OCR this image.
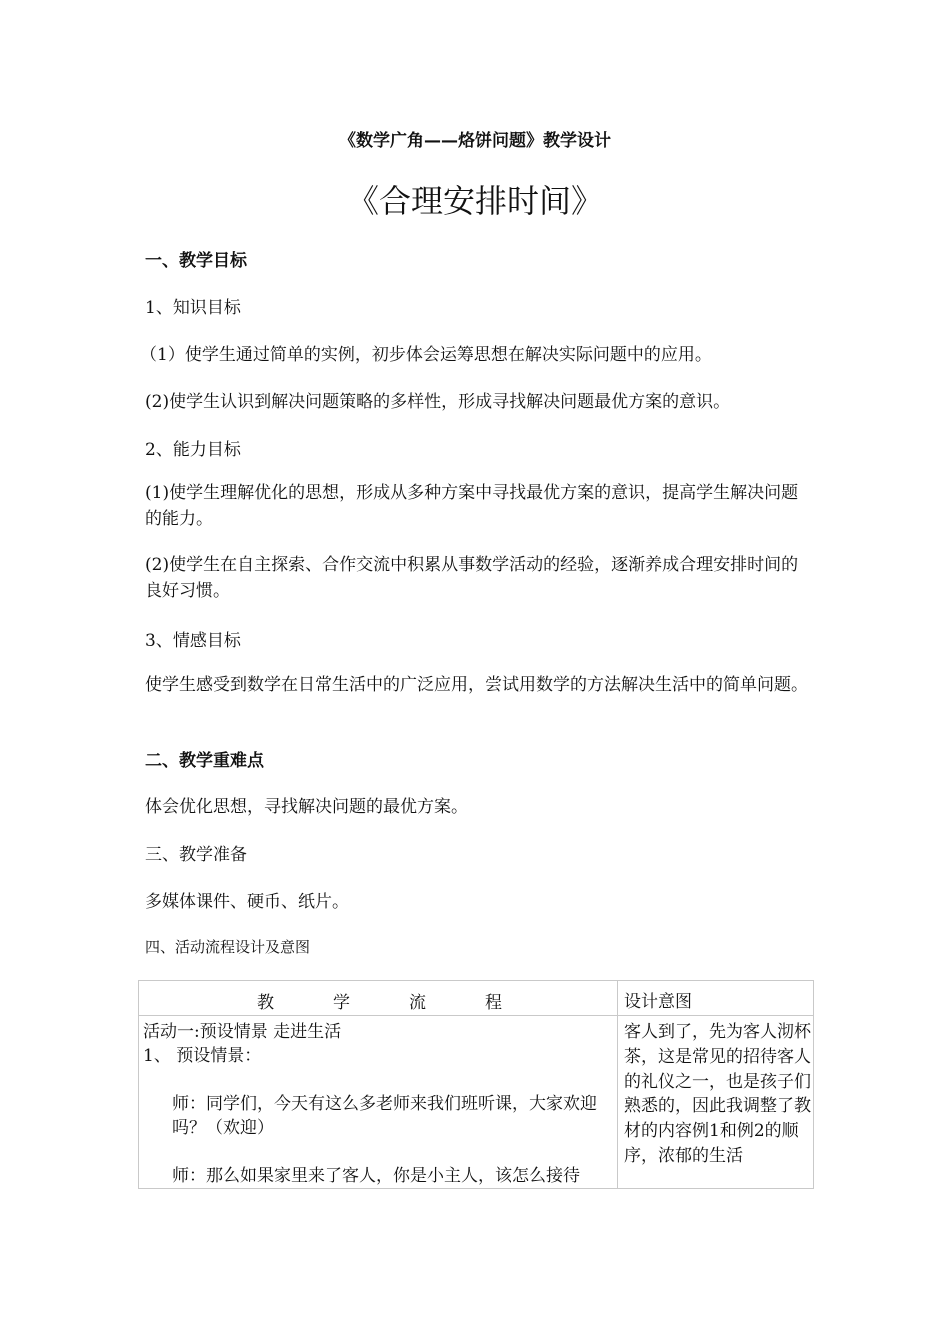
《数学广角——烙饼问题》教学设计
《合理安排时间》
一、教学目标
1、知识目标
（1）使学生通过简单的实例，初步体会运筹思想在解决实际问题中的应用。
(2)使学生认识到解决问题策略的多样性，形成寻找解决问题最优方案的意识。
2、能力目标
(1)使学生理解优化的思想，形成从多种方案中寻找最优方案的意识，提高学生解决问题的能力。
(2)使学生在自主探索、合作交流中积累从事数学活动的经验，逐渐养成合理安排时间的良好习惯。
3、情感目标
使学生感受到数学在日常生活中的广泛应用，尝试用数学的方法解决生活中的简单问题。
二、教学重难点
体会优化思想，寻找解决问题的最优方案。
三、教学准备
多媒体课件、硬币、纸片。
四、活动流程设计及意图
教 学 流 程	设计意图

活动一:预设情景 走进生活
1、 预设情景：
师：同学们，今天有这么多老师来我们班听课，大家欢迎吗？（欢迎）
师：那么如果家里来了客人，你是小主人，该怎么接待	客人到了，先为客人沏杯茶，这是常见的招待客人的礼仪之一，也是孩子们熟悉的，因此我调整了教材的内容例1和例2的顺序，浓郁的生活
